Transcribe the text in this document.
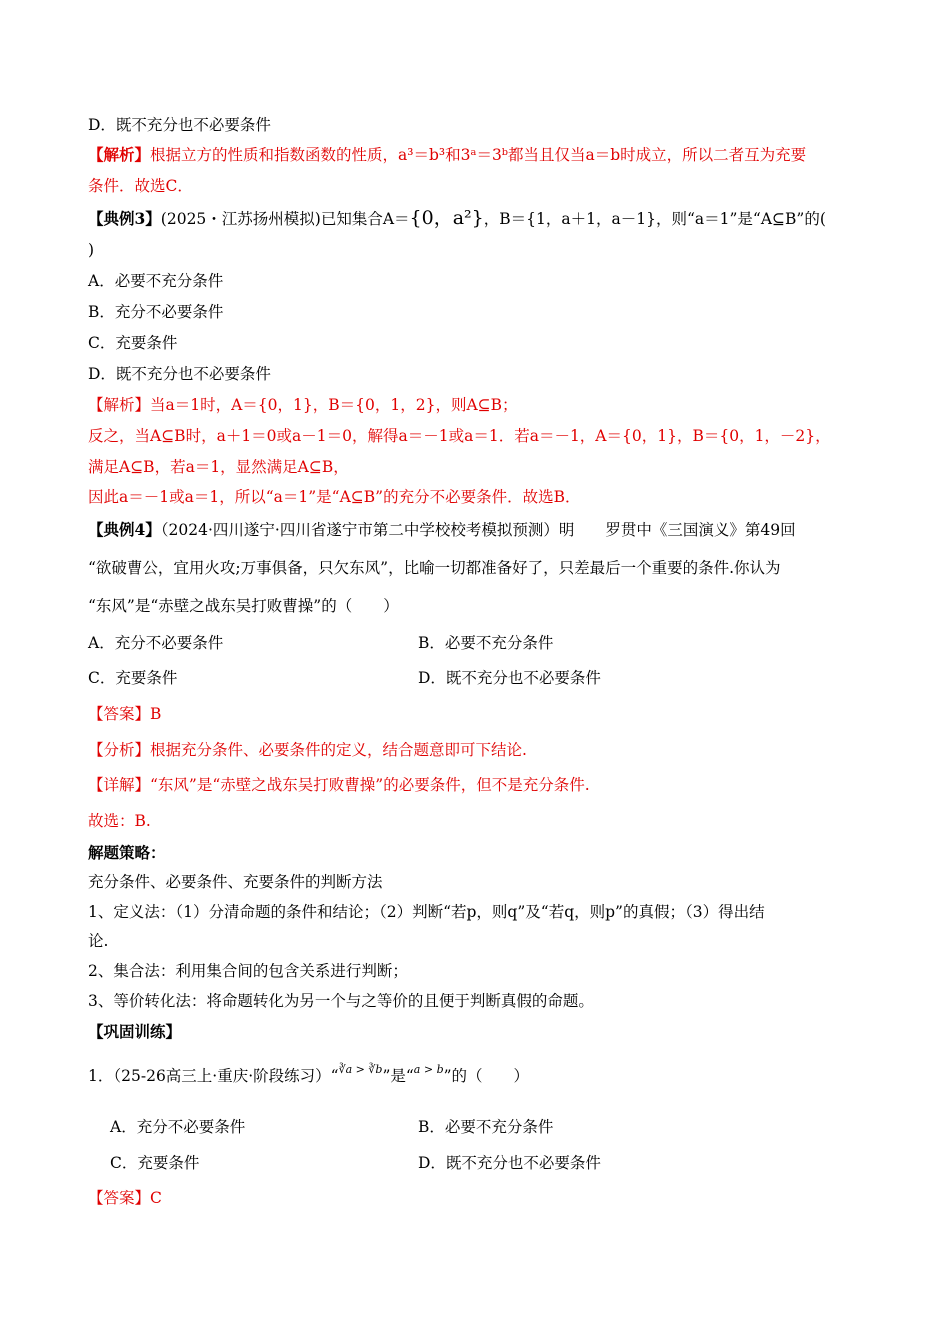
D．既不充分也不必要条件
【解析】根据立方的性质和指数函数的性质，a³＝b³和3ᵃ＝3ᵇ都当且仅当a＝b时成立，所以二者互为充要
条件．故选C．
【典例3】(2025・江苏扬州模拟)已知集合A＝{0，a²}，B＝{1，a＋1，a－1}，则“a＝1”是“A⊆B”的(
)
A．必要不充分条件
B．充分不必要条件
C．充要条件
D．既不充分也不必要条件
【解析】当a＝1时，A＝{0，1}，B＝{0，1，2}，则A⊆B；
反之，当A⊆B时，a＋1＝0或a－1＝0，解得a＝－1或a＝1．若a＝－1，A＝{0，1}，B＝{0，1，－2}，
满足A⊆B，若a＝1，显然满足A⊆B，
因此a＝－1或a＝1，所以“a＝1”是“A⊆B”的充分不必要条件．故选B．
【典例4】（2024·四川遂宁·四川省遂宁市第二中学校校考模拟预测）明　　罗贯中《三国演义》第49回
“欲破曹公，宜用火攻;万事俱备，只欠东风”，比喻一切都准备好了，只差最后一个重要的条件.你认为
“东风”是“赤壁之战东吴打败曹操”的（　　）
A．充分不必要条件	B．必要不充分条件
C．充要条件	D．既不充分也不必要条件
【答案】B
【分析】根据充分条件、必要条件的定义，结合题意即可下结论.
【详解】“东风”是“赤壁之战东吴打败曹操”的必要条件，但不是充分条件.
故选：B.
解题策略：
充分条件、必要条件、充要条件的判断方法
1、定义法：（1）分清命题的条件和结论；（2）判断“若p，则q”及“若q，则p”的真假；（3）得出结
论.
2、集合法：利用集合间的包含关系进行判断；
3、等价转化法：将命题转化为另一个与之等价的且便于判断真假的命题。
【巩固训练】
1．（25-26高三上·重庆·阶段练习）“$^{∛a > ∛b}$”是“$^{a > b}$”的（　　）
A．充分不必要条件	B．必要不充分条件
C．充要条件	D．既不充分也不必要条件
【答案】C
